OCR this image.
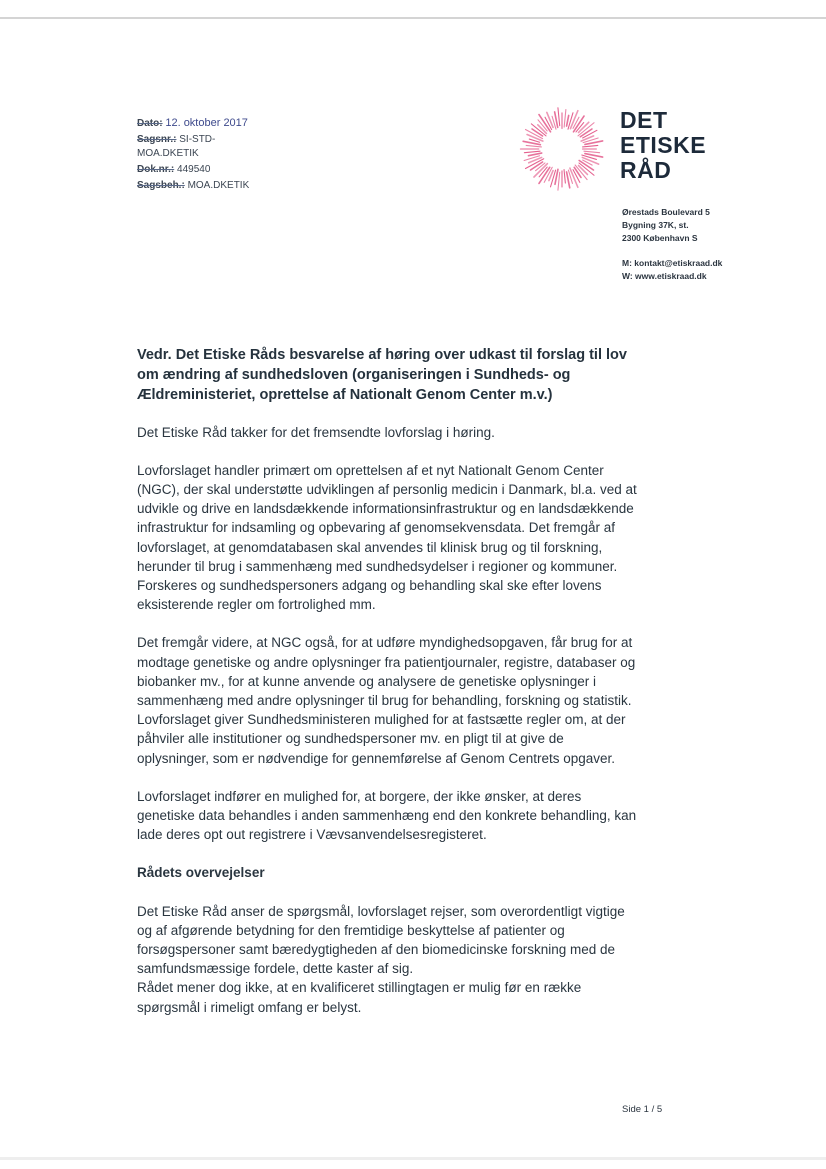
Dato: 12. oktober 2017
Sagsnr.: SI-STD-
MOA.DKETIK
Dok.nr.: 449540
Sagsbeh.: MOA.DKETIK
DET
ETISKE
RÅD
Ørestads Boulevard 5
Bygning 37K, st.
2300 København S
M: kontakt@etiskraad.dk
W: www.etiskraad.dk
Vedr. Det Etiske Råds besvarelse af høring over udkast til forslag til lov om ændring af sundhedsloven (organiseringen i Sundheds- og Ældreministeriet, oprettelse af Nationalt Genom Center m.v.)

Det Etiske Råd takker for det fremsendte lovforslag i høring.

Lovforslaget handler primært om oprettelsen af et nyt Nationalt Genom Center (NGC), der skal understøtte udviklingen af personlig medicin i Danmark, bl.a. ved at udvikle og drive en landsdækkende informationsinfrastruktur og en landsdækkende infrastruktur for indsamling og opbevaring af genomsekvensdata. Det fremgår af lovforslaget, at genomdatabasen skal anvendes til klinisk brug og til forskning, herunder til brug i sammenhæng med sundhedsydelser i regioner og kommuner. Forskeres og sundhedspersoners adgang og behandling skal ske efter lovens eksisterende regler om fortrolighed mm.

Det fremgår videre, at NGC også, for at udføre myndighedsopgaven, får brug for at modtage genetiske og andre oplysninger fra patientjournaler, registre, databaser og biobanker mv., for at kunne anvende og analysere de genetiske oplysninger i sammenhæng med andre oplysninger til brug for behandling, forskning og statistik. Lovforslaget giver Sundhedsministeren mulighed for at fastsætte regler om, at der påhviler alle institutioner og sundhedspersoner mv. en pligt til at give de oplysninger, som er nødvendige for gennemførelse af Genom Centrets opgaver.

Lovforslaget indfører en mulighed for, at borgere, der ikke ønsker, at deres genetiske data behandles i anden sammenhæng end den konkrete behandling, kan lade deres opt out registrere i Vævsanvendelsesregisteret.

Rådets overvejelser

Det Etiske Råd anser de spørgsmål, lovforslaget rejser, som overordentligt vigtige og af afgørende betydning for den fremtidige beskyttelse af patienter og forsøgspersoner samt bæredygtigheden af den biomedicinske forskning med de samfundsmæssige fordele, dette kaster af sig.
Rådet mener dog ikke, at en kvalificeret stillingtagen er mulig før en række spørgsmål i rimeligt omfang er belyst.

Side 1 / 5
